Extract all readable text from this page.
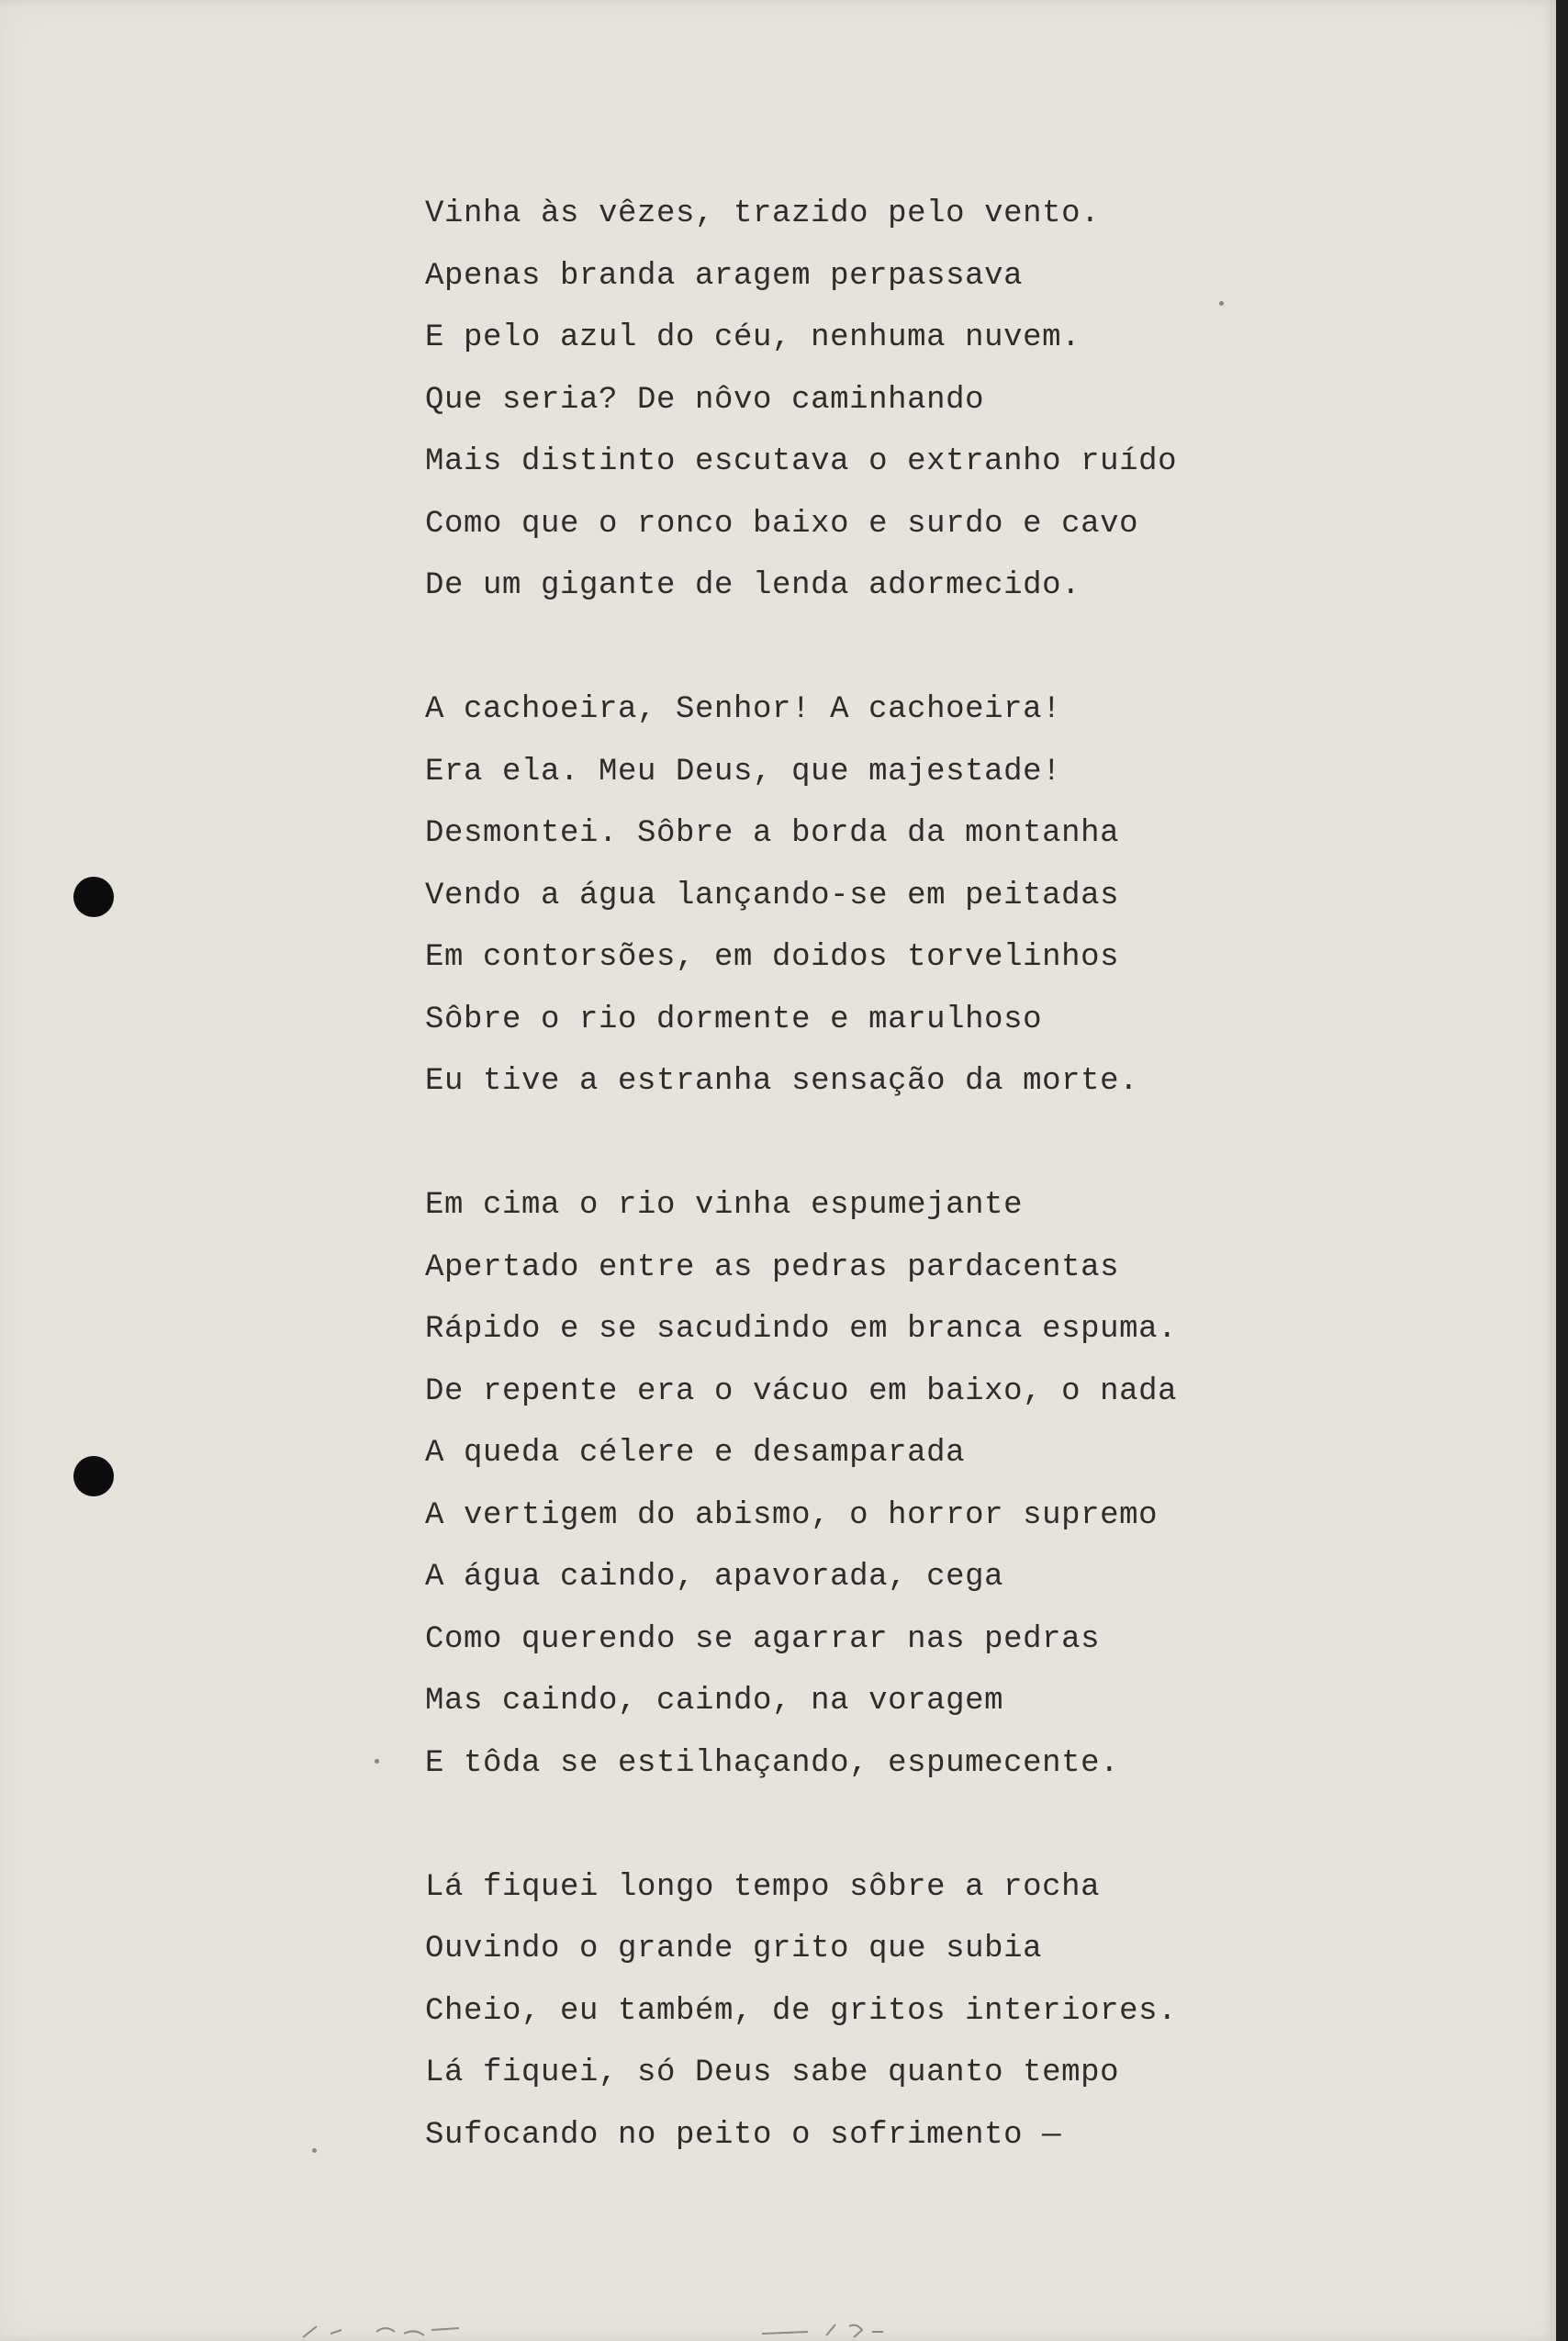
Vinha às vêzes, trazido pelo vento.
Apenas branda aragem perpassava
E pelo azul do céu, nenhuma nuvem.
Que seria? De nôvo caminhando
Mais distinto escutava o extranho ruído
Como que o ronco baixo e surdo e cavo
De um gigante de lenda adormecido.
A cachoeira, Senhor! A cachoeira!
Era ela. Meu Deus, que majestade!
Desmontei. Sôbre a borda da montanha
Vendo a água lançando-se em peitadas
Em contorsões, em doidos torvelinhos
Sôbre o rio dormente e marulhoso
Eu tive a estranha sensação da morte.
Em cima o rio vinha espumejante
Apertado entre as pedras pardacentas
Rápido e se sacudindo em branca espuma.
De repente era o vácuo em baixo, o nada
A queda célere e desamparada
A vertigem do abismo, o horror supremo
A água caindo, apavorada, cega
Como querendo se agarrar nas pedras
Mas caindo, caindo, na voragem
E tôda se estilhaçando, espumecente.
Lá fiquei longo tempo sôbre a rocha
Ouvindo o grande grito que subia
Cheio, eu também, de gritos interiores.
Lá fiquei, só Deus sabe quanto tempo
Sufocando no peito o sofrimento —
